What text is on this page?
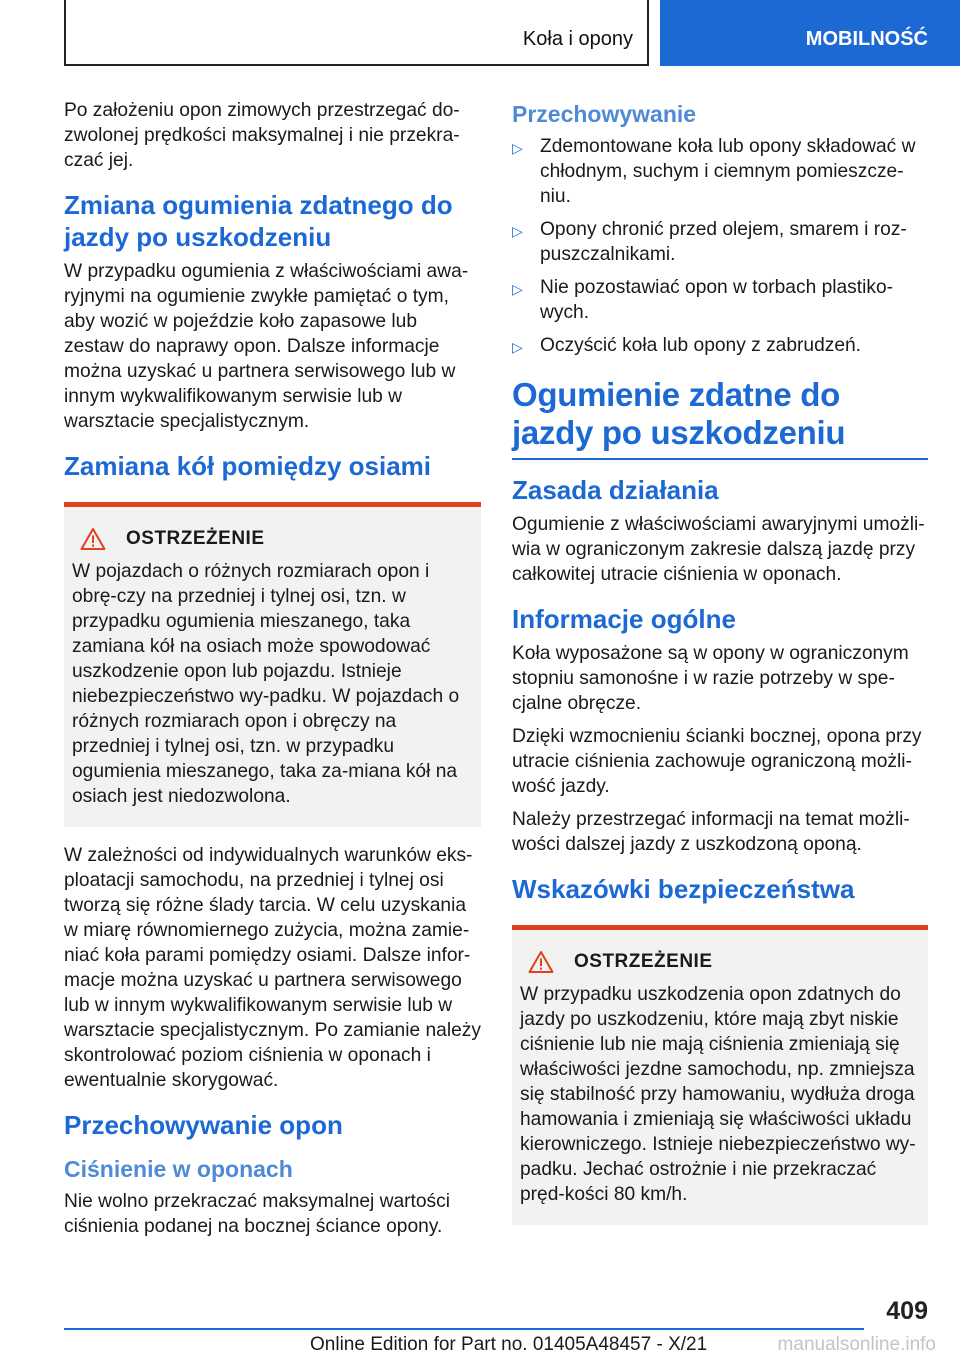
Koła i opony	MOBILNOŚĆ

Po założeniu opon zimowych przestrzegać do-zwolonej prędkości maksymalnej i nie przekra-czać jej.

Zmiana ogumienia zdatnego do jazdy po uszkodzeniu

W przypadku ogumienia z właściwościami awa-ryjnymi na ogumienie zwykłe pamiętać o tym, aby wozić w pojeździe koło zapasowe lub zestaw do naprawy opon. Dalsze informacje można uzyskać u partnera serwisowego lub w innym wykwalifikowanym serwisie lub w warsztacie specjalistycznym.

Zamiana kół pomiędzy osiami
OSTRZEŻENIE

W pojazdach o różnych rozmiarach opon i obrę-czy na przedniej i tylnej osi, tzn. w przypadku ogumienia mieszanego, taka zamiana kół na osiach może spowodować uszkodzenie opon lub pojazdu. Istnieje niebezpieczeństwo wy-padku. W pojazdach o różnych rozmiarach opon i obręczy na przedniej i tylnej osi, tzn. w przypadku ogumienia mieszanego, taka za-miana kół na osiach jest niedozwolona.

W zależności od indywidualnych warunków eks-ploatacji samochodu, na przedniej i tylnej osi tworzą się różne ślady tarcia. W celu uzyskania w miarę równomiernego zużycia, można zamie-niać koła parami pomiędzy osiami. Dalsze infor-macje można uzyskać u partnera serwisowego lub w innym wykwalifikowanym serwisie lub w warsztacie specjalistycznym. Po zamianie należy skontrolować poziom ciśnienia w oponach i ewentualnie skorygować.

Przechowywanie opon
Ciśnienie w oponach

Nie wolno przekraczać maksymalnej wartości ciśnienia podanej na bocznej ściance opony.

Przechowywanie
▷ Zdemontowane koła lub opony składować w chłodnym, suchym i ciemnym pomieszcze-niu.
▷ Opony chronić przed olejem, smarem i roz-puszczalnikami.
▷ Nie pozostawiać opon w torbach plastiko-wych.
▷ Oczyścić koła lub opony z zabrudzeń.
Ogumienie zdatne do jazdy po uszkodzeniu
Zasada działania

Ogumienie z właściwościami awaryjnymi umożli-wia w ograniczonym zakresie dalszą jazdę przy całkowitej utracie ciśnienia w oponach.

Informacje ogólne

Koła wyposażone są w opony w ograniczonym stopniu samonośne i w razie potrzeby w spe-cjalne obręcze.

Dzięki wzmocnieniu ścianki bocznej, opona przy utracie ciśnienia zachowuje ograniczoną możli-wość jazdy.

Należy przestrzegać informacji na temat możli-wości dalszej jazdy z uszkodzoną oponą.

Wskazówki bezpieczeństwa
OSTRZEŻENIE

W przypadku uszkodzenia opon zdatnych do jazdy po uszkodzeniu, które mają zbyt niskie ciśnienie lub nie mają ciśnienia zmieniają się właściwości jezdne samochodu, np. zmniejsza się stabilność przy hamowaniu, wydłuża droga hamowania i zmieniają się właściwości układu kierowniczego. Istnieje niebezpieczeństwo wy-padku. Jechać ostrożnie i nie przekraczać pręd-kości 80 km/h.

409
Online Edition for Part no. 01405A48457 - X/21	manualsonline.info
